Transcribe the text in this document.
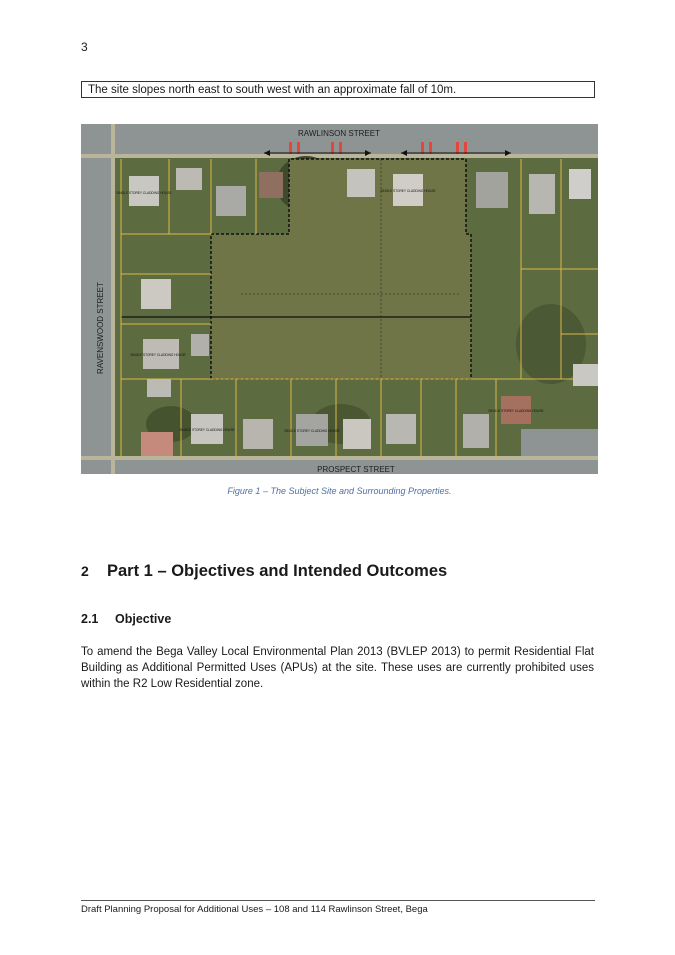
3
The site slopes north east to south west with an approximate fall of 10m.
RAWLINSON STREET
RAVENSWOOD STREET
PROSPECT STREET
SINGLE STOREY CLADDING HOUSE	SINGLE STOREY CLADDING HOUSE
SINGLE STOREY CLADDING HOUSE
SINGLE STOREY CLADDING HOUSE	SINGLE STOREY CLADDING HOUSE
SINGLE STOREY CLADDING HOUSE
Figure 1 – The Subject Site and Surrounding Properties.
2 Part 1 – Objectives and Intended Outcomes
2.1 Objective
To amend the Bega Valley Local Environmental Plan 2013 (BVLEP 2013) to permit Residential Flat Building as Additional Permitted Uses (APUs) at the site. These uses are currently prohibited uses within the R2 Low Residential zone.
Draft Planning Proposal for Additional Uses – 108 and 114 Rawlinson Street, Bega
